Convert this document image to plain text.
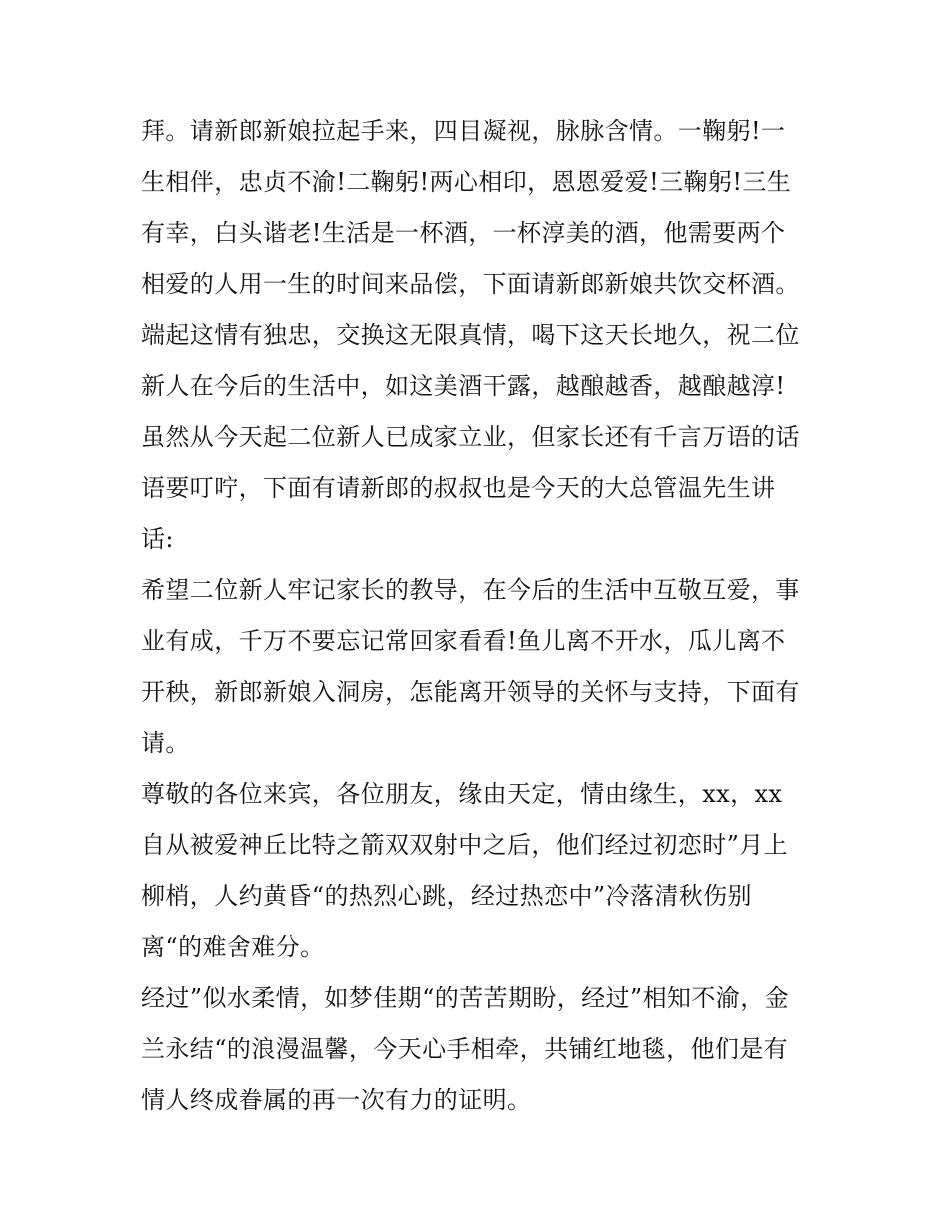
拜。请新郎新娘拉起手来，四目凝视，脉脉含情。一鞠躬!一
生相伴，忠贞不渝!二鞠躬!两心相印，恩恩爱爱!三鞠躬!三生
有幸，白头谐老!生活是一杯酒，一杯淳美的酒，他需要两个
相爱的人用一生的时间来品偿，下面请新郎新娘共饮交杯酒。
端起这情有独忠，交换这无限真情，喝下这天长地久，祝二位
新人在今后的生活中，如这美酒干露，越酿越香，越酿越淳!
虽然从今天起二位新人已成家立业，但家长还有千言万语的话
语要叮咛，下面有请新郎的叔叔也是今天的大总管温先生讲
话:
希望二位新人牢记家长的教导，在今后的生活中互敬互爱，事
业有成，千万不要忘记常回家看看!鱼儿离不开水，瓜儿离不
开秧，新郎新娘入洞房，怎能离开领导的关怀与支持，下面有
请。
尊敬的各位来宾，各位朋友，缘由天定，情由缘生，xx，xx
自从被爱神丘比特之箭双双射中之后，他们经过初恋时”月上
柳梢，人约黄昏“的热烈心跳，经过热恋中”冷落清秋伤别
离“的难舍难分。
经过”似水柔情，如梦佳期“的苦苦期盼，经过”相知不渝，金
兰永结“的浪漫温馨，今天心手相牵，共铺红地毯，他们是有
情人终成眷属的再一次有力的证明。
